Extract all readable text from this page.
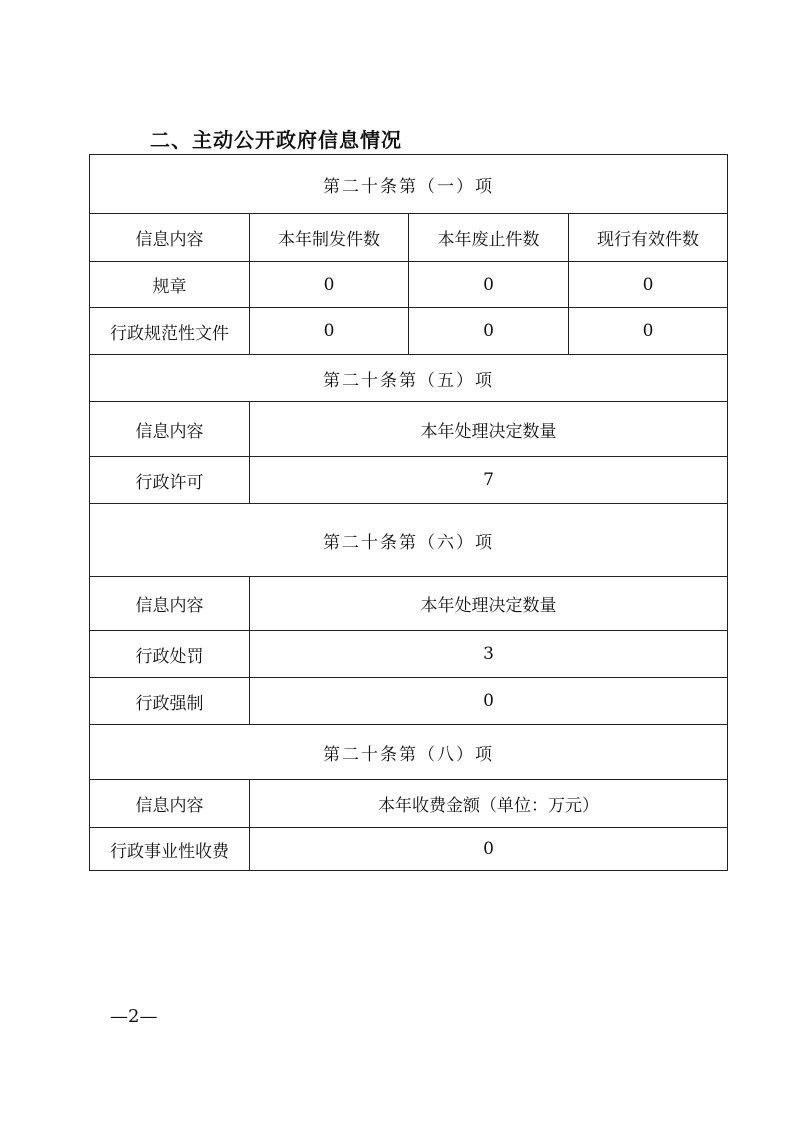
二、主动公开政府信息情况
第二十条第（一）项			
信息内容	本年制发件数	本年废止件数	现行有效件数
规章	0	0	0
行政规范性文件	0	0	0
第二十条第（五）项			
信息内容	本年处理决定数量		
行政许可	7		
第二十条第（六）项			
信息内容	本年处理决定数量		
行政处罚	3		
行政强制	0		
第二十条第（八）项			
信息内容	本年收费金额（单位：万元）		
行政事业性收费	0		
—2—
